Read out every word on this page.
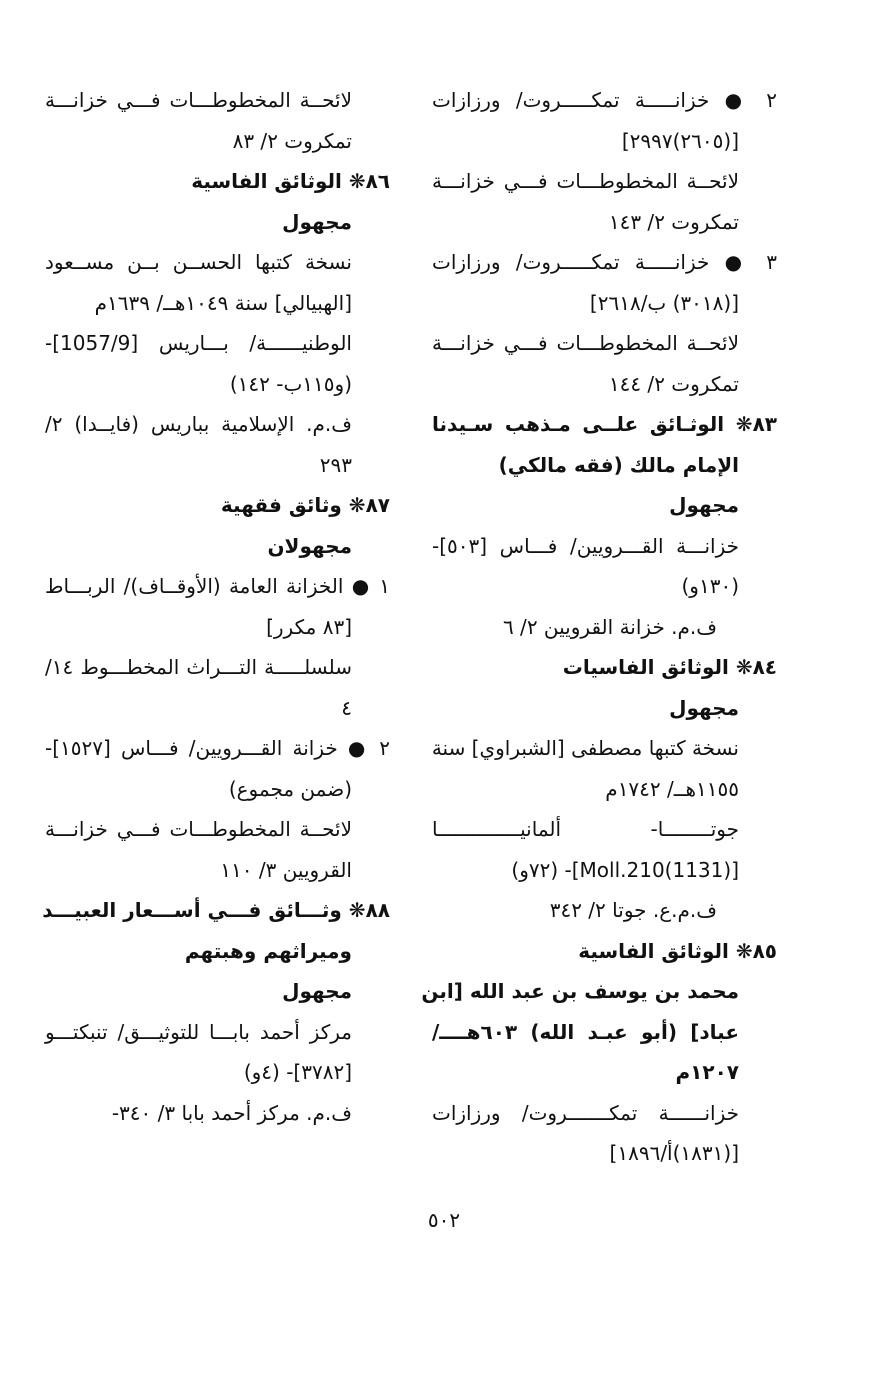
٢ ● خزانـــــة تمكـــــروت/ ورزازات
[(٢٦٠٥)٢٩٩٧]
لائحــة المخطوطـــات فـــي خزانـــة
تمكروت ٢/ ١٤٣
٣ ● خزانـــــة تمكـــــروت/ ورزازات
[(٣٠١٨) ب/٢٦١٨]
لائحــة المخطوطـــات فـــي خزانـــة
تمكروت ٢/ ١٤٤
٨٣❋ الوثـائق علــى مـذهب سـيدنا
الإمام مالك (فقه مالكي)
مجهول
خزانـــة القـــرويين/ فـــاس [٥٠٣]-
(١٣٠و)
ف.م. خزانة القرويين ٢/ ٦
٨٤❋ الوثائق الفاسيات
مجهول
نسخة كتبها مصطفى [الشبراوي] سنة
١١٥٥هــ/ ١٧٤٢م
جوتــــــــا- ألمانيــــــــــــــا
[(1131)Moll.210]- (٧٢و)
ف.م.ع. جوتا ٢/ ٣٤٢
٨٥❋ الوثائق الفاسية
محمد بن يوسف بن عبد الله [ابن
عباد] (أبو عبـد الله) ٦٠٣هــــ/
١٢٠٧م
خزانــــــة تمكـــــــروت/ ورزازات
[(١٨٣١)أ/١٨٩٦]
لائحــة المخطوطـــات فـــي خزانـــة
تمكروت ٢/ ٨٣
٨٦❋ الوثائق الفاسية
مجهول
نسخة كتبها الحســن بــن مســعود
[الهبيالي] سنة ١٠٤٩هــ/ ١٦٣٩م
الوطنيــــــة/ بـــاريس [1057/9]-
(و١١٥ب- ١٤٢)
ف.م. الإسلامية بباريس (فايــدا) ٢/
٢٩٣
٨٧❋ وثائق فقهية
مجهولان
١ ● الخزانة العامة (الأوقــاف)/ الربـــاط
[٨٣ مكرر]
سلسلـــــة التـــراث المخطـــوط ١٤/
٤
٢ ● خزانة القـــرويين/ فـــاس [١٥٢٧]-
(ضمن مجموع)
لائحــة المخطوطـــات فـــي خزانـــة
القرويين ٣/ ١١٠
٨٨❋ وثـــائق فـــي أســـعار العبيـــد
وميراثهم وهبتهم
مجهول
مركز أحمد بابـــا للتوثيـــق/ تنبكتـــو
[٣٧٨٢]- (٤و)
ف.م. مركز أحمد بابا ٣/ ٣٤٠-
٥٠٢
